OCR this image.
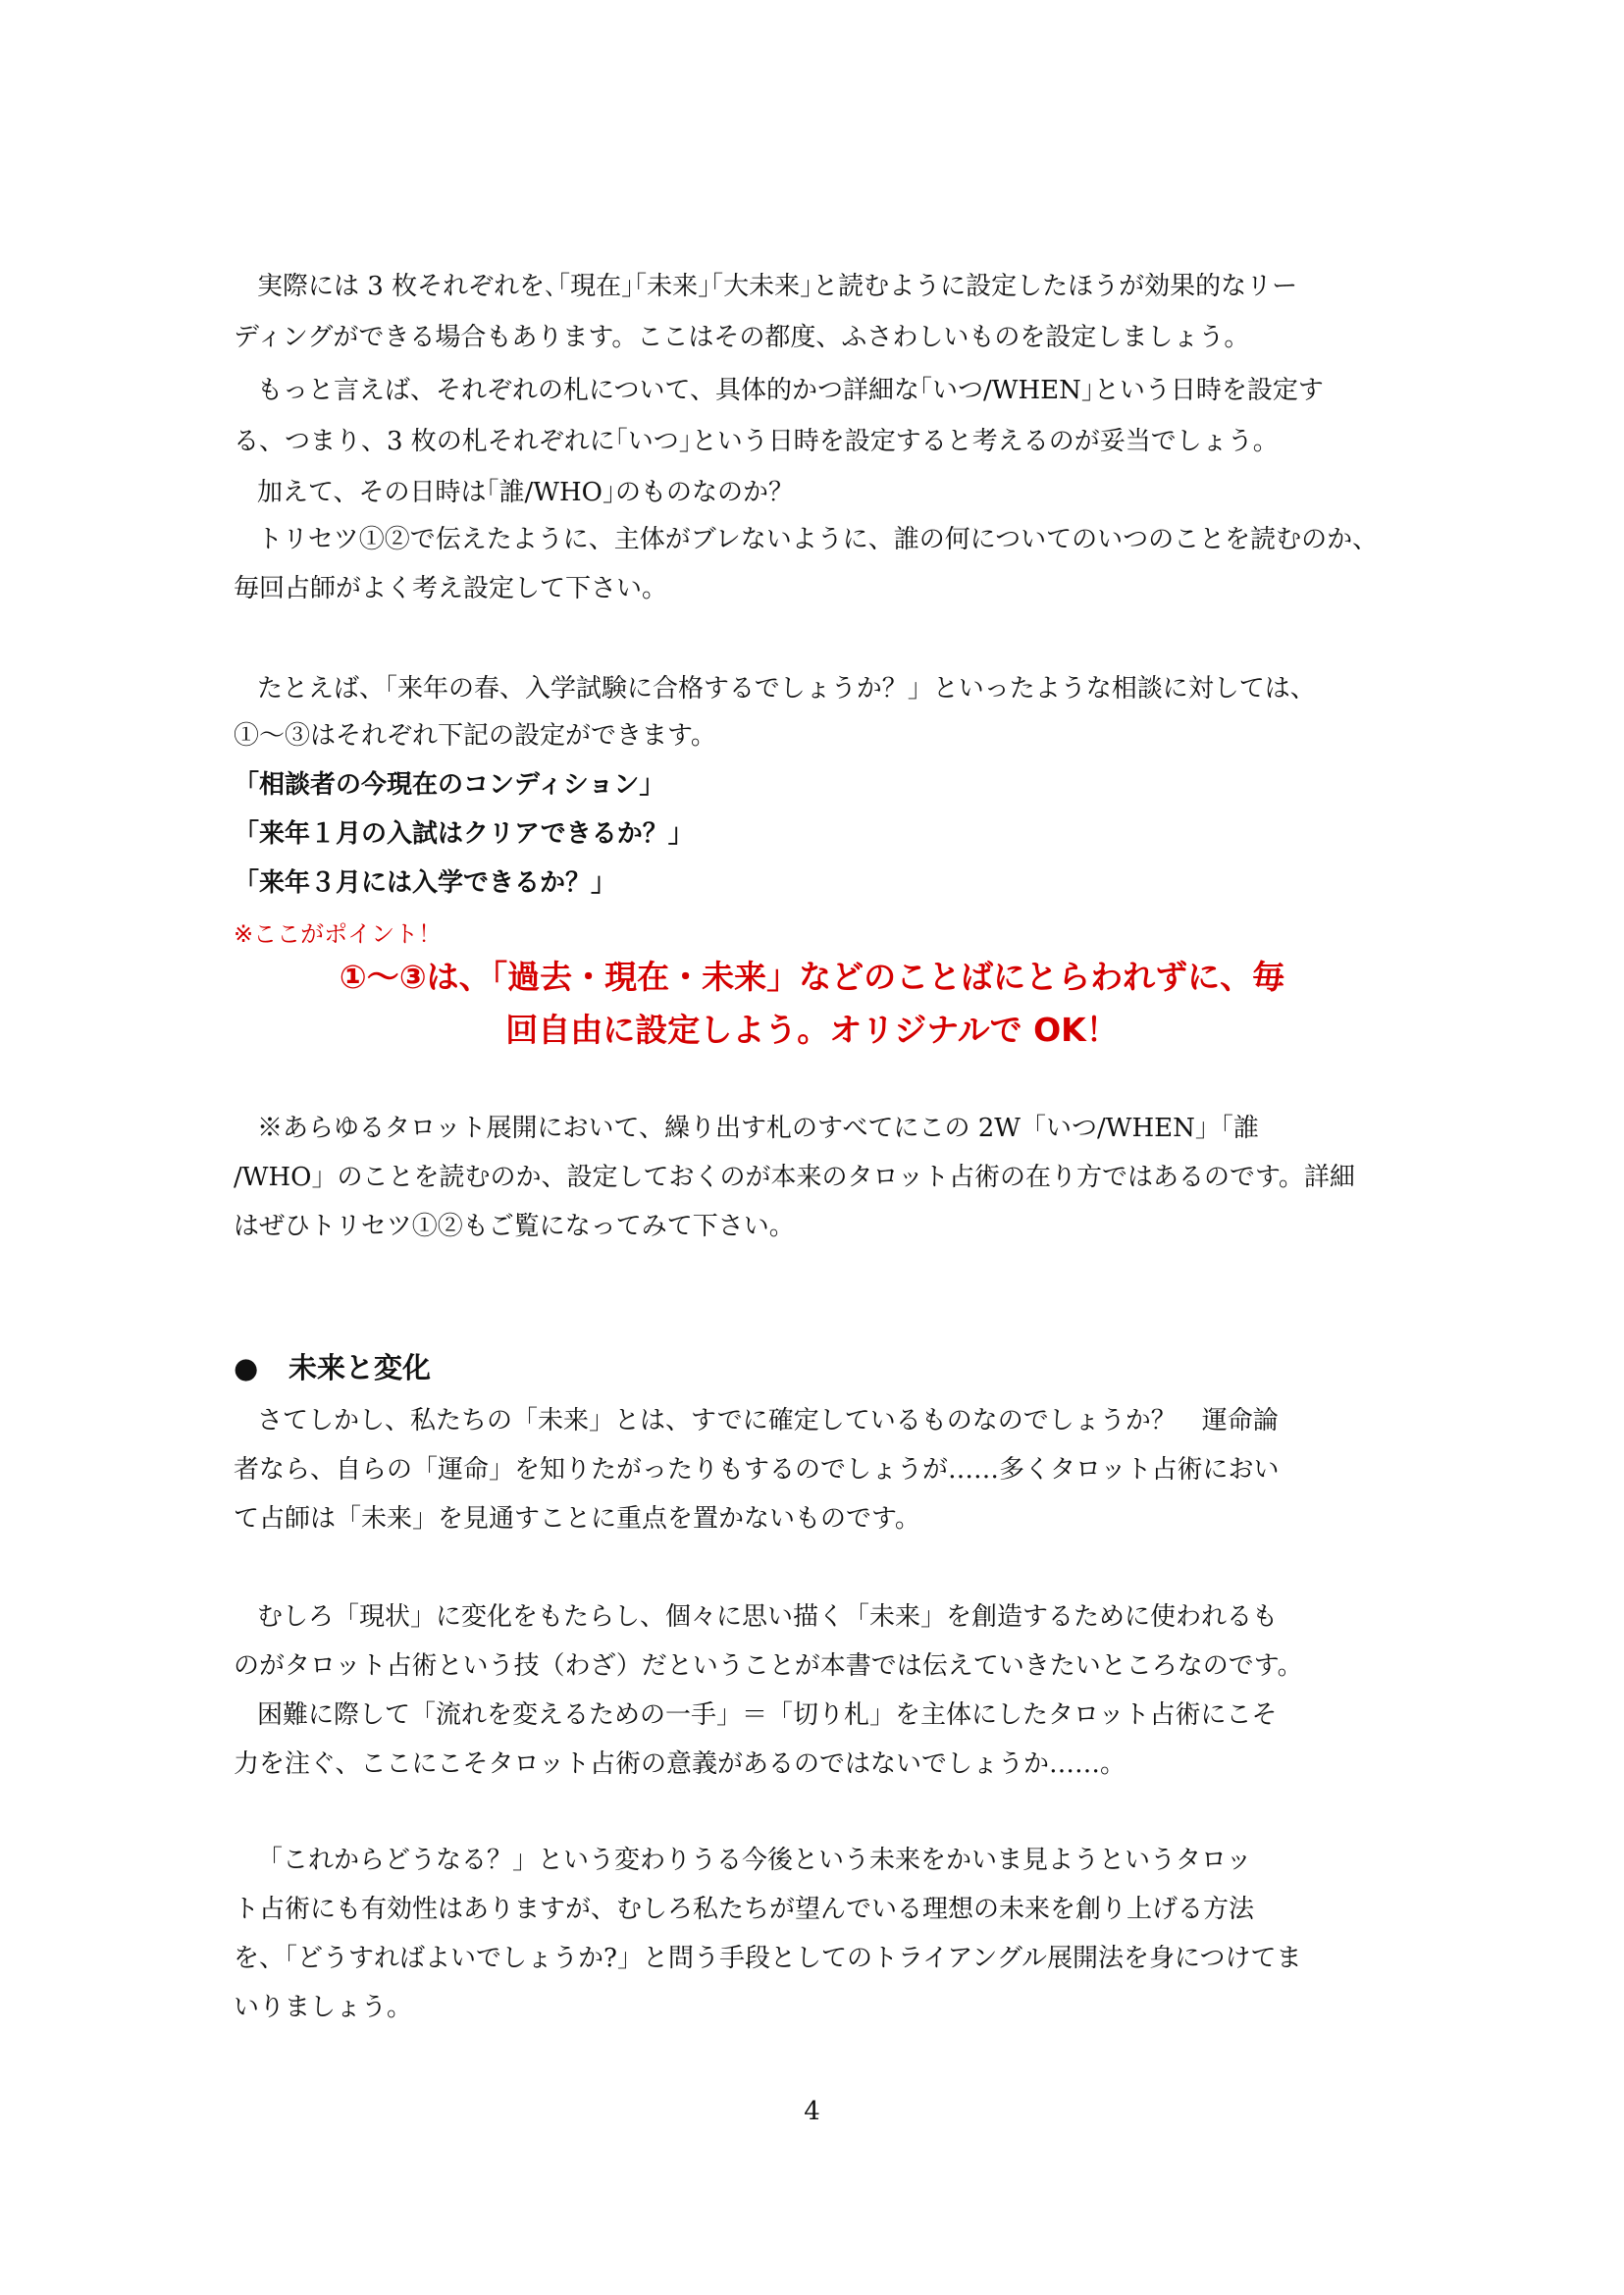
実際には 3 枚それぞれを､｢現在｣｢未来｣｢大未来｣と読むように設定したほうが効果的なリー

ディングができる場合もあります。ここはその都度、ふさわしいものを設定しましょう。

もっと言えば、それぞれの札について、具体的かつ詳細な｢いつ/WHEN｣という日時を設定す

る、つまり、3 枚の札それぞれに｢いつ｣という日時を設定すると考えるのが妥当でしょう。

加えて、その日時は｢誰/WHO｣のものなのか？

トリセツ①②で伝えたように、主体がブレないように、誰の何についてのいつのことを読むのか、

毎回占師がよく考え設定して下さい。

たとえば、「来年の春、入学試験に合格するでしょうか？」といったような相談に対しては、

①～③はそれぞれ下記の設定ができます。

「相談者の今現在のコンディション」

「来年１月の入試はクリアできるか？」

「来年３月には入学できるか？」

※ここがポイント！

①～③は、「過去・現在・未来」などのことばにとらわれずに、毎

回自由に設定しよう。オリジナルで OK！

※あらゆるタロット展開において、繰り出す札のすべてにこの 2W「いつ/WHEN」「誰

/WHO」のことを読むのか、設定しておくのが本来のタロット占術の在り方ではあるのです。詳細

はぜひトリセツ①②もご覧になってみて下さい。

● 未来と変化

さてしかし、私たちの「未来」とは、すでに確定しているものなのでしょうか？　運命論

者なら、自らの「運命」を知りたがったりもするのでしょうが……多くタロット占術におい

て占師は「未来」を見通すことに重点を置かないものです。

むしろ「現状」に変化をもたらし、個々に思い描く「未来」を創造するために使われるも

のがタロット占術という技（わざ）だということが本書では伝えていきたいところなのです。

困難に際して「流れを変えるための一手」＝「切り札」を主体にしたタロット占術にこそ

力を注ぐ、ここにこそタロット占術の意義があるのではないでしょうか……。

「これからどうなる？」という変わりうる今後という未来をかいま見ようというタロッ

ト占術にも有効性はありますが、むしろ私たちが望んでいる理想の未来を創り上げる方法

を、「どうすればよいでしょうか?」と問う手段としてのトライアングル展開法を身につけてま

いりましょう。

4
